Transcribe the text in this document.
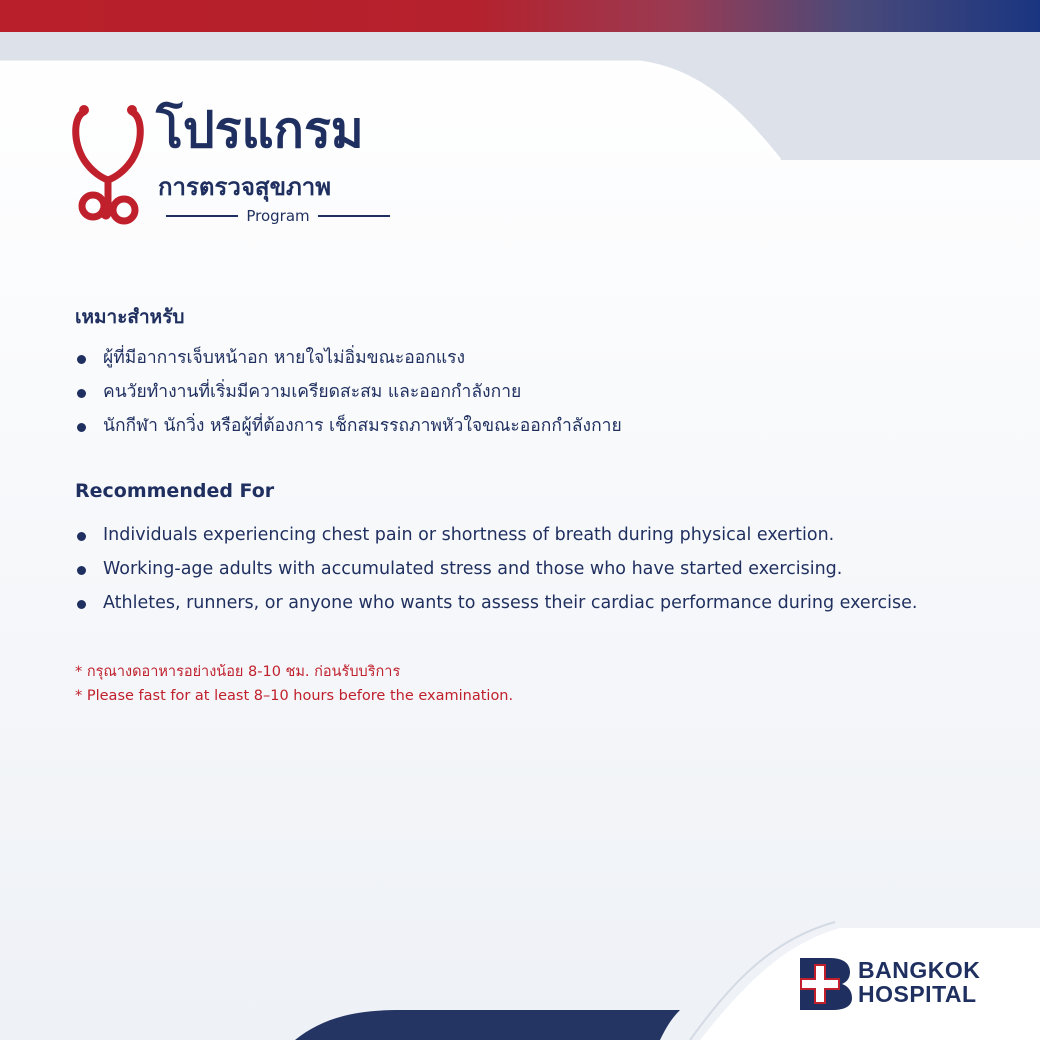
โปรแกรม
การตรวจสุขภาพ
Program
เหมาะสำหรับ
ผู้ที่มีอาการเจ็บหน้าอก หายใจไม่อิ่มขณะออกแรง
คนวัยทำงานที่เริ่มมีความเครียดสะสม และออกกำลังกาย
นักกีฬา นักวิ่ง หรือผู้ที่ต้องการ เช็กสมรรถภาพหัวใจขณะออกกำลังกาย
Recommended For
Individuals experiencing chest pain or shortness of breath during physical exertion.
Working-age adults with accumulated stress and those who have started exercising.
Athletes, runners, or anyone who wants to assess their cardiac performance during exercise.
* กรุณางดอาหารอย่างน้อย 8-10 ชม. ก่อนรับบริการ
* Please fast for at least 8–10 hours before the examination.
BANGKOK
HOSPITAL
